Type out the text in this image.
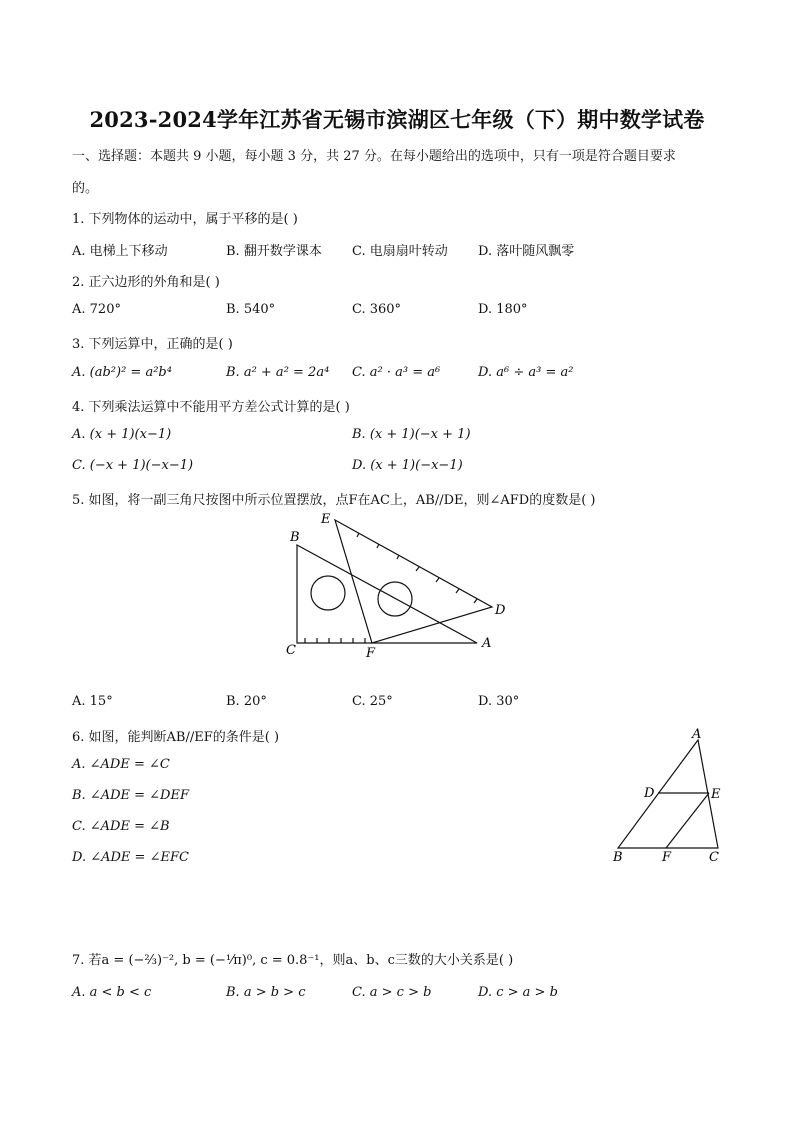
2023-2024学年江苏省无锡市滨湖区七年级（下）期中数学试卷
一、选择题：本题共 9 小题，每小题 3 分，共 27 分。在每小题给出的选项中，只有一项是符合题目要求
的。
1. 下列物体的运动中，属于平移的是( )
A. 电梯上下移动	B. 翻开数学课本 C. 电扇扇叶转动 D. 落叶随风飘零
2. 正六边形的外角和是( )
A. 720°	B. 540°	C. 360°	D. 180°
3. 下列运算中，正确的是( )
A. (ab²)² = a²b⁴	B. a² + a² = 2a⁴ C. a² · a³ = a⁶	D. a⁶ ÷ a³ = a²
4. 下列乘法运算中不能用平方差公式计算的是( )
A. (x + 1)(x−1)	B. (x + 1)(−x + 1)
C. (−x + 1)(−x−1)	D. (x + 1)(−x−1)
5. 如图，将一副三角尺按图中所示位置摆放，点F在AC上，AB//DE，则∠AFD的度数是( )
B
E
D
C	F
A
A. 15°	B. 20°	C. 25°	D. 30°
6. 如图，能判断AB//EF的条件是( )
A. ∠ADE = ∠C
B. ∠ADE = ∠DEF
C. ∠ADE = ∠B
D. ∠ADE = ∠EFC
A
D	E
B	F	C
7. 若a = (−²⁄₃)⁻², b = (−¹⁄π)⁰, c = 0.8⁻¹，则a、b、c三数的大小关系是( )
A. a < b < c	B. a > b > c	C. a > c > b	D. c > a > b
